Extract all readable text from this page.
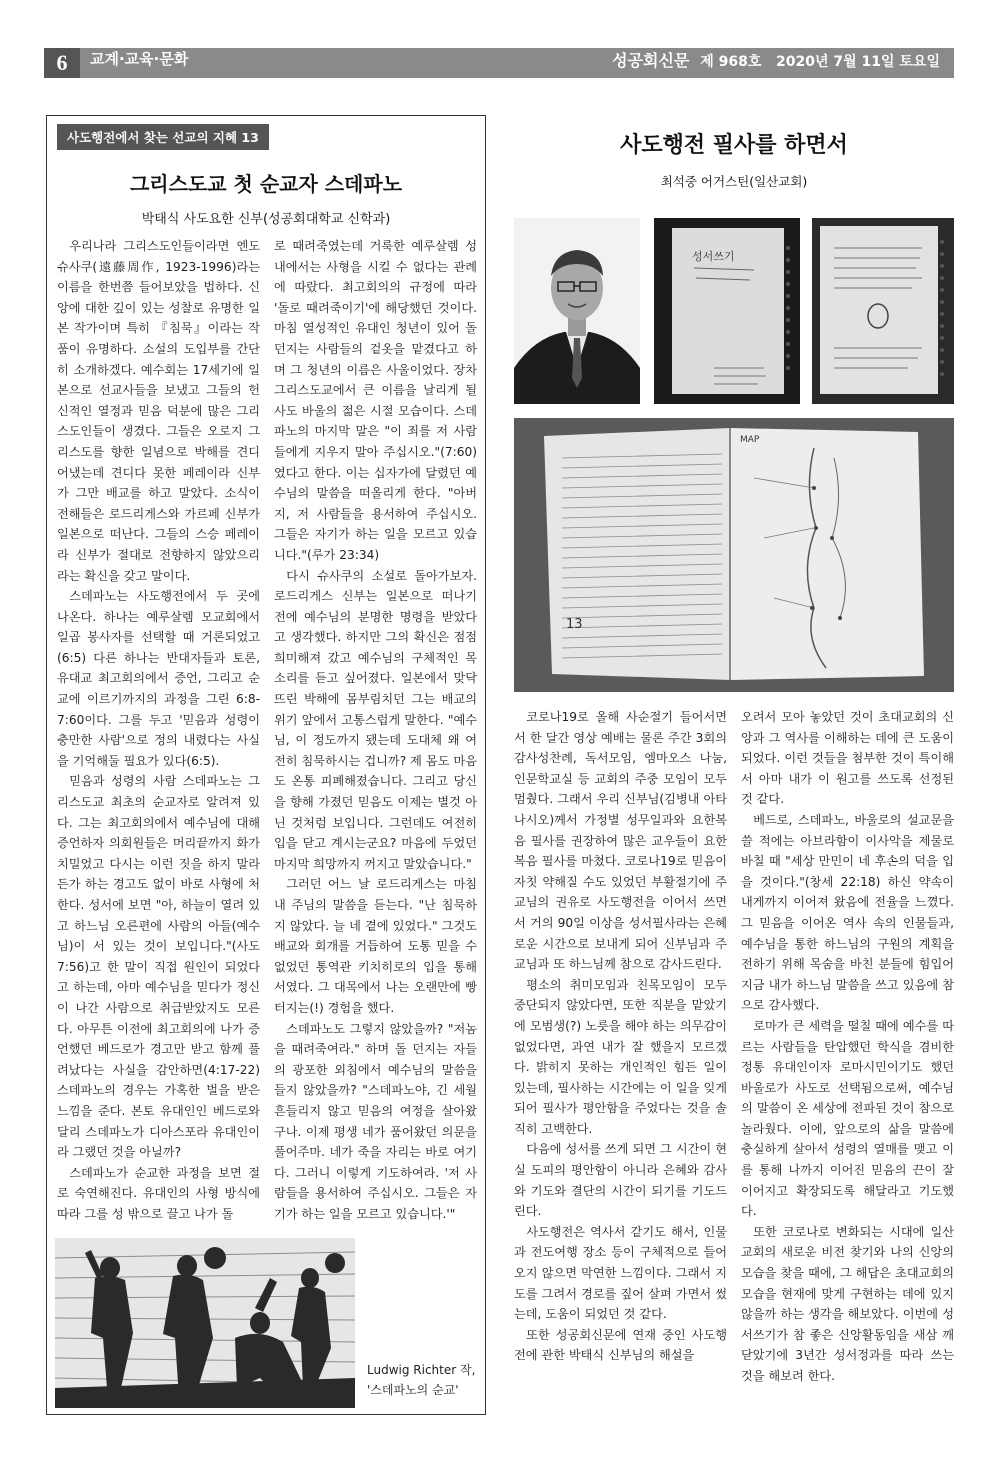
6	교계·교육·문화	성공회신문 제 968호 2020년 7월 11일 토요일
사도행전에서 찾는 선교의 지혜 13
그리스도교 첫 순교자 스데파노
박태식 사도요한 신부(성공회대학교 신학과)

우리나라 그리스도인들이라면 엔도 슈사쿠(遠藤周作, 1923-1996)라는 이름을 한번쯤 들어보았을 법하다. 신앙에 대한 깊이 있는 성찰로 유명한 일본 작가이며 특히 『침묵』이라는 작품이 유명하다. 소설의 도입부를 간단히 소개하겠다. 예수회는 17세기에 일본으로 선교사들을 보냈고 그들의 헌신적인 열정과 믿음 덕분에 많은 그리스도인들이 생겼다. 그들은 오로지 그리스도를 향한 일념으로 박해를 견디어냈는데 견디다 못한 페레이라 신부가 그만 배교를 하고 말았다. 소식이 전해들은 로드리게스와 가르페 신부가 일본으로 떠난다. 그들의 스승 페레이라 신부가 절대로 전향하지 않았으리라는 확신을 갖고 말이다.

스데파노는 사도행전에서 두 곳에 나온다. 하나는 예루살렘 모교회에서 일곱 봉사자를 선택할 때 거론되었고(6:5) 다른 하나는 반대자들과 토론, 유대교 최고회의에서 증언, 그리고 순교에 이르기까지의 과정을 그린 6:8-7:60이다. 그를 두고 '믿음과 성령이 충만한 사람'으로 정의 내렸다는 사실을 기억해둘 필요가 있다(6:5).

믿음과 성령의 사람 스데파노는 그리스도교 최초의 순교자로 알려져 있다. 그는 최고회의에서 예수님에 대해 증언하자 의회원들은 머리끝까지 화가 치밀었고 다시는 이런 짓을 하지 말라든가 하는 경고도 없이 바로 사형에 처한다. 성서에 보면 "아, 하늘이 열려 있고 하느님 오른편에 사람의 아들(예수님)이 서 있는 것이 보입니다."(사도 7:56)고 한 말이 직접 원인이 되었다고 하는데, 아마 예수님을 믿다가 정신이 나간 사람으로 취급받았지도 모른다. 아무튼 이전에 최고회의에 나가 증언했던 베드로가 경고만 받고 함께 풀려났다는 사실을 감안하면(4:17-22) 스데파노의 경우는 가혹한 벌을 받은 느낌을 준다. 본토 유대인인 베드로와 달리 스데파노가 디아스포라 유대인이라 그랬던 것을 아닐까?

스데파노가 순교한 과정을 보면 절로 숙연해진다. 유대인의 사형 방식에 따라 그를 성 밖으로 끌고 나가 돌

로 때려죽였는데 거룩한 예루살렘 성내에서는 사형을 시킬 수 없다는 관례에 따랐다. 최고회의의 규정에 따라 '돌로 때려죽이기'에 해당했던 것이다. 마침 열성적인 유대인 청년이 있어 돌 던지는 사람들의 겉옷을 맡겼다고 하며 그 청년의 이름은 사울이었다. 장차 그리스도교에서 큰 이름을 날리게 될 사도 바울의 젊은 시절 모습이다. 스데파노의 마지막 말은 "이 죄를 저 사람들에게 지우지 말아 주십시오."(7:60)였다고 한다. 이는 십자가에 달렸던 예수님의 말씀을 떠올리게 한다. "아버지, 저 사람들을 용서하여 주십시오. 그들은 자기가 하는 일을 모르고 있습니다."(루가 23:34)

다시 슈사쿠의 소설로 돌아가보자. 로드리게스 신부는 일본으로 떠나기 전에 예수님의 분명한 명령을 받았다고 생각했다. 하지만 그의 확신은 점점 희미해져 갔고 예수님의 구체적인 목소리를 듣고 싶어졌다. 일본에서 맞닥뜨린 박해에 몸부림치던 그는 배교의 위기 앞에서 고통스럽게 말한다. "예수님, 이 정도까지 됐는데 도대체 왜 여전히 침묵하시는 겁니까? 제 몸도 마음도 온통 피폐해졌습니다. 그리고 당신을 향해 가졌던 믿음도 이제는 별것 아닌 것처럼 보입니다. 그런데도 여전히 입을 닫고 계시는군요? 마음에 두었던 마지막 희망까지 꺼지고 말았습니다."

그러던 어느 날 로드리게스는 마침내 주님의 말씀을 듣는다. "난 침묵하지 않았다. 늘 네 곁에 있었다." 그것도 배교와 회개를 거듭하여 도통 믿을 수 없었던 통역관 키치히로의 입을 통해서였다. 그 대목에서 나는 오랜만에 빵 터지는(!) 경험을 했다.

스데파노도 그렇지 않았을까? "저놈을 때려죽여라." 하며 돌 던지는 자들의 광포한 외침에서 예수님의 말씀을 들지 않았을까? "스데파노야, 긴 세월 흔들리지 않고 믿음의 여정을 살아왔구나. 이제 평생 네가 품어왔던 의문을 풀어주마. 네가 죽을 자리는 바로 여기다. 그러니 이렇게 기도하여라. '저 사람들을 용서하여 주십시오. 그들은 자기가 하는 일을 모르고 있습니다.'"

Ludwig Richter 작, '스데파노의 순교'
사도행전 필사를 하면서
최석중 어거스틴(일산교회)
성서쓰기
13
MAP

코로나19로 올해 사순절기 들어서면서 한 달간 영상 예배는 물론 주간 3회의 감사성찬례, 독서모임, 엠마오스 나눔, 인문학교실 등 교회의 주중 모임이 모두 멈췄다. 그래서 우리 신부님(김병내 아타나시오)께서 가정별 성무일과와 요한복음 필사를 권장하여 많은 교우들이 요한복음 필사를 마쳤다. 코로나19로 믿음이 자칫 약해질 수도 있었던 부활절기에 주교님의 권유로 사도행전을 이어서 쓰면서 거의 90일 이상을 성서필사라는 은혜로운 시간으로 보내게 되어 신부님과 주교님과 또 하느님께 참으로 감사드린다.

평소의 취미모임과 친목모임이 모두 중단되지 않았다면, 또한 직분을 맡았기에 모범생(?) 노릇을 해야 하는 의무감이 없었다면, 과연 내가 잘 했을지 모르겠다. 밝히지 못하는 개인적인 힘든 일이 있는데, 필사하는 시간에는 이 일을 잊게 되어 필사가 평안함을 주었다는 것을 솔직히 고백한다.

다음에 성서를 쓰게 되면 그 시간이 현실 도피의 평안함이 아니라 은혜와 감사와 기도와 결단의 시간이 되기를 기도드린다.

사도행전은 역사서 같기도 해서, 인물과 전도여행 장소 등이 구체적으로 들어오지 않으면 막연한 느낌이다. 그래서 지도를 그려서 경로를 짚어 살펴 가면서 썼는데, 도움이 되었던 것 같다.

또한 성공회신문에 연재 중인 사도행전에 관한 박태식 신부님의 해설을

오려서 모아 놓았던 것이 초대교회의 신앙과 그 역사를 이해하는 데에 큰 도움이 되었다. 이런 것들을 첨부한 것이 특이해서 아마 내가 이 원고를 쓰도록 선정된 것 같다.

베드로, 스데파노, 바울로의 설교문을 쓸 적에는 아브라함이 이사악을 제물로 바칠 때 "세상 만민이 네 후손의 덕을 입을 것이다."(창세 22:18) 하신 약속이 내게까지 이어져 왔음에 전율을 느꼈다. 그 믿음을 이어온 역사 속의 인물들과, 예수님을 통한 하느님의 구원의 계획을 전하기 위해 목숨을 바친 분들에 힘입어 지금 내가 하느님 말씀을 쓰고 있음에 참으로 감사했다.

로마가 큰 세력을 떨칠 때에 예수를 따르는 사람들을 탄압했던 학식을 겸비한 정통 유대인이자 로마시민이기도 했던 바울로가 사도로 선택됨으로써, 예수님의 말씀이 온 세상에 전파된 것이 참으로 놀라웠다. 이에, 앞으로의 삶을 말씀에 충실하게 살아서 성령의 열매를 맺고 이를 통해 나까지 이어진 믿음의 끈이 잘 이어지고 확장되도록 해달라고 기도했다.

또한 코로나로 변화되는 시대에 일산교회의 새로운 비전 찾기와 나의 신앙의 모습을 찾을 때에, 그 해답은 초대교회의 모습을 현재에 맞게 구현하는 데에 있지 않을까 하는 생각을 해보았다. 이번에 성서쓰기가 참 좋은 신앙활동임을 새삼 깨닫았기에 3년간 성서정과를 따라 쓰는 것을 해보려 한다.
